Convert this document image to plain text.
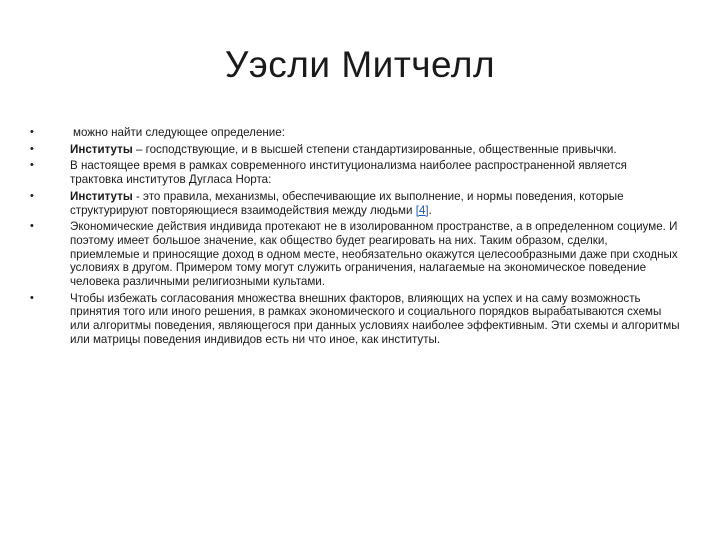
Уэсли Митчелл
•	можно найти следующее определение:
•	Институты – господствующие, и в высшей степени стандартизированные, общественные привычки.
•	В настоящее время в рамках современного институционализма наиболее распространенной является трактовка институтов Дугласа Норта:
•	Институты - это правила, механизмы, обеспечивающие их выполнение, и нормы поведения, которые структурируют повторяющиеся взаимодействия между людьми [4].
•	Экономические действия индивида протекают не в изолированном пространстве, а в определенном социуме. И поэтому имеет большое значение, как общество будет реагировать на них. Таким образом, сделки, приемлемые и приносящие доход в одном месте, необязательно окажутся целесообразными даже при сходных условиях в другом. Примером тому могут служить ограничения, налагаемые на экономическое поведение человека различными религиозными культами.
•	Чтобы избежать согласования множества внешних факторов, влияющих на успех и на саму возможность принятия того или иного решения, в рамках экономического и социального порядков вырабатываются схемы или алгоритмы поведения, являющегося при данных условиях наиболее эффективным. Эти схемы и алгоритмы или матрицы поведения индивидов есть ни что иное, как институты.
